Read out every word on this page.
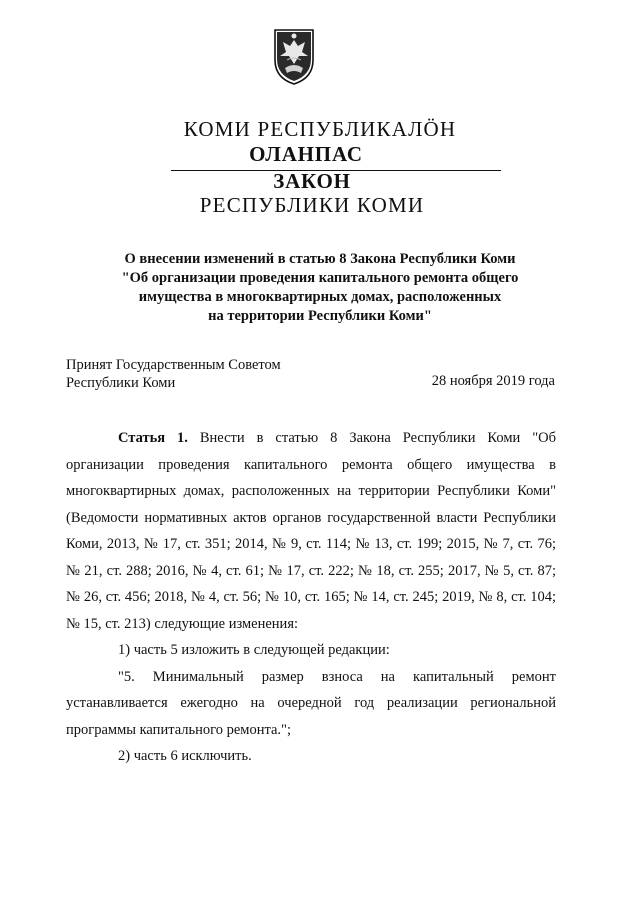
КОМИ РЕСПУБЛИКАЛӦН
ОЛАНПАС
ЗАКОН
РЕСПУБЛИКИ КОМИ
О внесении изменений в статью 8 Закона Республики Коми
"Об организации проведения капитального ремонта общего
имущества в многоквартирных домах, расположенных
на территории Республики Коми"
Принят Государственным Советом
Республики Коми	28 ноября 2019 года

Статья 1. Внести в статью 8 Закона Республики Коми "Об организации проведения капитального ремонта общего имущества в многоквартирных домах, расположенных на территории Республики Коми" (Ведомости нормативных актов органов государственной власти Республики Коми, 2013, № 17, ст. 351; 2014, № 9, ст. 114; № 13, ст. 199; 2015, № 7, ст. 76; № 21, ст. 288; 2016, № 4, ст. 61; № 17, ст. 222; № 18, ст. 255; 2017, № 5, ст. 87; № 26, ст. 456; 2018, № 4, ст. 56; № 10, ст. 165; № 14, ст. 245; 2019, № 8, ст. 104; № 15, ст. 213) следующие изменения:

1) часть 5 изложить в следующей редакции:

"5. Минимальный размер взноса на капитальный ремонт устанавливается ежегодно на очередной год реализации региональной программы капитального ремонта.";

2) часть 6 исключить.
